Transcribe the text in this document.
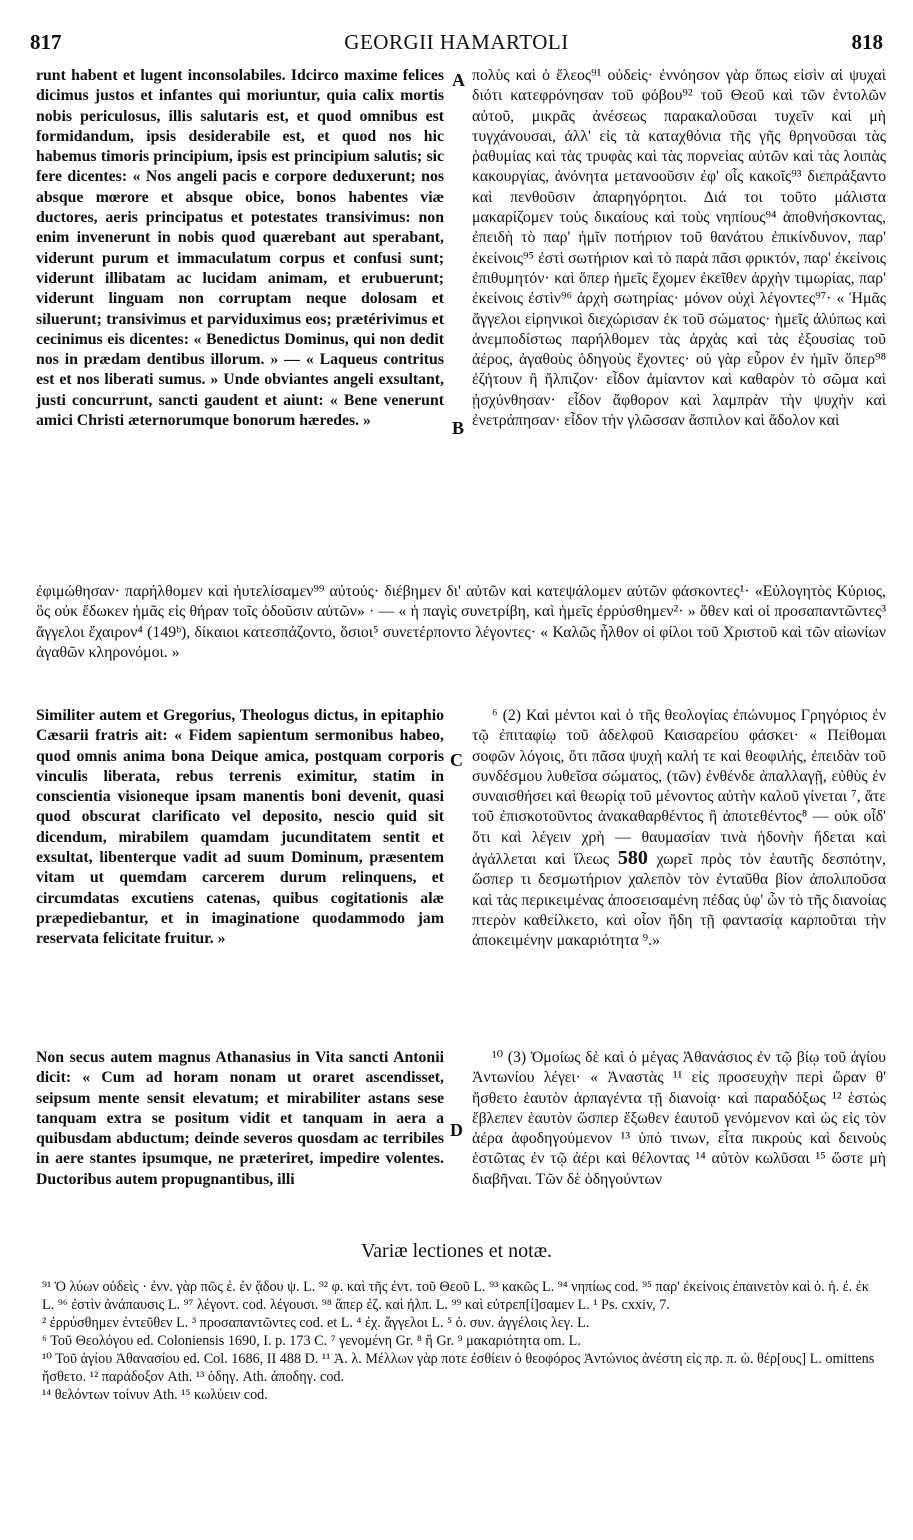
817	GEORGII HAMARTOLI	818
A
B
C
D

runt habent et lugent inconsolabiles. Idcirco maxime felices dicimus justos et infantes qui moriuntur, quia calix mortis nobis periculosus, illis salutaris est, et quod omnibus est formidandum, ipsis desiderabile est, et quod nos hic habemus timoris principium, ipsis est principium salutis; sic fere dicentes: « Nos angeli pacis e corpore deduxerunt; nos absque mœrore et absque obice, bonos habentes viæ ductores, aeris principatus et potestates transivimus: non enim invenerunt in nobis quod quærebant aut sperabant, viderunt purum et immaculatum corpus et confusi sunt; viderunt illibatam ac lucidam animam, et erubuerunt; viderunt linguam non corruptam neque dolosam et siluerunt; transivimus et parviduximus eos; prætérivimus et cecinimus eis dicentes: « Benedictus Dominus, qui non dedit nos in prædam dentibus illorum. » — « Laqueus contritus est et nos liberati sumus. » Unde obviantes angeli exsultant, justi concurrunt, sancti gaudent et aiunt: « Bene venerunt amici Christi æternorumque bonorum hæredes. »

πολὺς καὶ ὁ ἔλεος⁹¹ οὐδεὶς· ἐννόησον γὰρ ὅπως εἰσὶν αἱ ψυχαὶ διότι κατεφρόνησαν τοῦ φόβου⁹² τοῦ Θεοῦ καὶ τῶν ἐντολῶν αὐτοῦ, μικρᾶς ἀνέσεως παρακαλοῦσαι τυχεῖν καὶ μὴ τυγχάνουσαι, ἀλλ' εἰς τὰ καταχθόνια τῆς γῆς θρηνοῦσαι τὰς ῥαθυμίας καὶ τὰς τρυφὰς καὶ τὰς πορνείας αὐτῶν καὶ τὰς λοιπὰς κακουργίας, ἀνόνητα μετανοοῦσιν ἐφ' οἷς κακοῖς⁹³ διεπράξαντο καὶ πενθοῦσιν ἀπαρηγόρητοι. Διά τοι τοῦτο μάλιστα μακαρίζομεν τοὺς δικαίους καὶ τοὺς νηπίους⁹⁴ ἀποθνήσκοντας, ἐπειδὴ τὸ παρ' ἡμῖν ποτήριον τοῦ θανάτου ἐπικίνδυνον, παρ' ἐκείνοις⁹⁵ ἐστὶ σωτήριον καὶ τὸ παρὰ πᾶσι φρικτόν, παρ' ἐκείνοις ἐπιθυμητόν· καὶ ὅπερ ἡμεῖς ἔχομεν ἐκεῖθεν ἀρχὴν τιμωρίας, παρ' ἐκείνοις ἐστὶν⁹⁶ ἀρχὴ σωτηρίας· μόνον οὐχὶ λέγοντες⁹⁷· « Ἡμᾶς ἄγγελοι εἰρηνικοὶ διεχώρισαν ἐκ τοῦ σώματος· ἡμεῖς ἀλύπως καὶ ἀνεμποδίστως παρήλθομεν τὰς ἀρχὰς καὶ τὰς ἐξουσίας τοῦ ἀέρος, ἀγαθοὺς ὁδηγοὺς ἔχοντες· οὐ γὰρ εὗρον ἐν ἡμῖν ὅπερ⁹⁸ ἐζήτουν ἢ ἤλπιζον· εἶδον ἀμίαντον καὶ καθαρὸν τὸ σῶμα καὶ ᾐσχύνθησαν· εἶδον ἄφθορον καὶ λαμπρὰν τὴν ψυχὴν καὶ ἐνετράπησαν· εἶδον τὴν γλῶσσαν ἄσπιλον καὶ ἄδολον καὶ

ἐφιμώθησαν· παρήλθομεν καὶ ἠυτελίσαμεν⁹⁹ αὐτούς· διέβημεν δι' αὐτῶν καὶ κατεψάλομεν αὐτῶν φάσκοντες¹· «Εὐλογητὸς Κύριος, ὃς οὐκ ἔδωκεν ἡμᾶς εἰς θήραν τοῖς ὀδοῦσιν αὐτῶν» · — « ἡ παγὶς συνετρίβη, καὶ ἡμεῖς ἐρρύσθημεν²· » ὅθεν καὶ οἱ προσαπαντῶντες³ ἄγγελοι ἔχαιρον⁴ (149ᵇ), δίκαιοι κατεσπάζοντο, ὅσιοι⁵ συνετέρποντο λέγοντες· « Καλῶς ἦλθον οἱ φίλοι τοῦ Χριστοῦ καὶ τῶν αἰωνίων ἀγαθῶν κληρονόμοι. »

Similiter autem et Gregorius, Theologus dictus, in epitaphio Cæsarii fratris ait: « Fidem sapientum sermonibus habeo, quod omnis anima bona Deique amica, postquam corporis vinculis liberata, rebus terrenis eximitur, statim in conscientia visioneque ipsam manentis boni devenit, quasi quod obscurat clarificato vel deposito, nescio quid sit dicendum, mirabilem quamdam jucunditatem sentit et exsultat, libenterque vadit ad suum Dominum, præsentem vitam ut quemdam carcerem durum relinquens, et circumdatas excutiens catenas, quibus cogitationis alæ præpediebantur, et in imaginatione quodammodo jam reservata felicitate fruitur. »

⁶ (2) Καὶ μέντοι καὶ ὁ τῆς θεολογίας ἐπώνυμος Γρηγόριος ἐν τῷ ἐπιταφίῳ τοῦ ἀδελφοῦ Καισαρείου φάσκει· « Πείθομαι σοφῶν λόγοις, ὅτι πᾶσα ψυχὴ καλή τε καὶ θεοφιλής, ἐπειδὰν τοῦ συνδέσμου λυθεῖσα σώματος, (τῶν) ἐνθένδε ἀπαλλαγῇ, εὐθὺς ἐν συναισθήσει καὶ θεωρίᾳ τοῦ μένοντος αὐτὴν καλοῦ γίνεται ⁷, ἅτε τοῦ ἐπισκοτοῦντος ἀνακαθαρθέντος ἢ ἀποτεθέντος⁸ — οὐκ οἶδ' ὅτι καὶ λέγειν χρὴ — θαυμασίαν τινὰ ἡδονὴν ἥδεται καὶ ἀγάλλεται καὶ ἵλεως 580 χωρεῖ πρὸς τὸν ἑαυτῆς δεσπότην, ὥσπερ τι δεσμωτήριον χαλεπὸν τὸν ἐνταῦθα βίον ἀπολιποῦσα καὶ τὰς περικειμένας ἀποσεισαμένη πέδας ὑφ' ὧν τὸ τῆς διανοίας πτερὸν καθείλκετο, καὶ οἷον ἤδη τῇ φαντασίᾳ καρποῦται τὴν ἀποκειμένην μακαριότητα ⁹.»

Non secus autem magnus Athanasius in Vita sancti Antonii dicit: « Cum ad horam nonam ut oraret ascendisset, seipsum mente sensit elevatum; et mirabiliter astans sese tanquam extra se positum vidit et tanquam in aera a quibusdam abductum; deinde severos quosdam ac terribiles in aere stantes ipsumque, ne præteriret, impedire volentes. Ductoribus autem propugnantibus, illi

¹⁰ (3) Ὁμοίως δὲ καὶ ὁ μέγας Ἀθανάσιος ἐν τῷ βίῳ τοῦ ἁγίου Ἀντωνίου λέγει· « Ἀναστὰς ¹¹ εἰς προσευχὴν περὶ ὥραν θ' ἤσθετο ἑαυτὸν ἁρπαγέντα τῇ διανοίᾳ· καὶ παραδόξως ¹² ἑστὼς ἔβλεπεν ἑαυτὸν ὥσπερ ἔξωθεν ἑαυτοῦ γενόμενον καὶ ὡς εἰς τὸν ἀέρα ἀφοδηγούμενον ¹³ ὑπό τινων, εἶτα πικροὺς καὶ δεινοὺς ἑστῶτας ἐν τῷ ἀέρι καὶ θέλοντας ¹⁴ αὐτὸν κωλῦσαι ¹⁵ ὥστε μὴ διαβῆναι. Τῶν δὲ ὁδηγούντων

Variæ lectiones et notæ.

⁹¹ Ὁ λύων οὐδεὶς · ἐνν. γὰρ πῶς ἐ. ἐν ᾅδου ψ. L. ⁹² φ. καὶ τῆς ἐντ. τοῦ Θεοῦ L. ⁹³ κακῶς L. ⁹⁴ νηπίως cod. ⁹⁵ παρ' ἐκείνοις ἐπαινετὸν καὶ ὁ. ἡ. ἐ. ἐκ L. ⁹⁶ ἐστὶν ἀνάπαυσις L. ⁹⁷ λέγοντ. cod. λέγουσι. ⁹⁸ ἅπερ ἐζ. καὶ ἠλπ. L. ⁹⁹ καὶ εὐτρεπ[ί]σαμεν L. ¹ Ps. cxxiv, 7.

² ἐρρύσθημεν ἐντεῦθεν L. ³ προσαπαντῶντες cod. et L. ⁴ ἐχ. ἄγγελοι L. ⁵ ὁ. συν. ἀγγέλοις λεγ. L.

⁶ Τοῦ Θεολόγου ed. Coloniensis 1690, I. p. 173 C. ⁷ γενομένη Gr. ⁸ ἢ Gr. ⁹ μακαριότητα om. L.

¹⁰ Τοῦ ἁγίου Ἀθανασίου ed. Col. 1686, II 488 D. ¹¹ Ἀ. λ. Μέλλων γὰρ ποτε ἐσθίειν ὁ θεοφόρος Ἀντώνιος ἀνέστη εἰς πρ. π. ὡ. θέρ[ους] L. omittens ἤσθετο. ¹² παράδοξον Ath. ¹³ ὁδηγ. Ath. ἀποδηγ. cod.

¹⁴ θελόντων τοίνυν Ath. ¹⁵ κωλύειν cod.
